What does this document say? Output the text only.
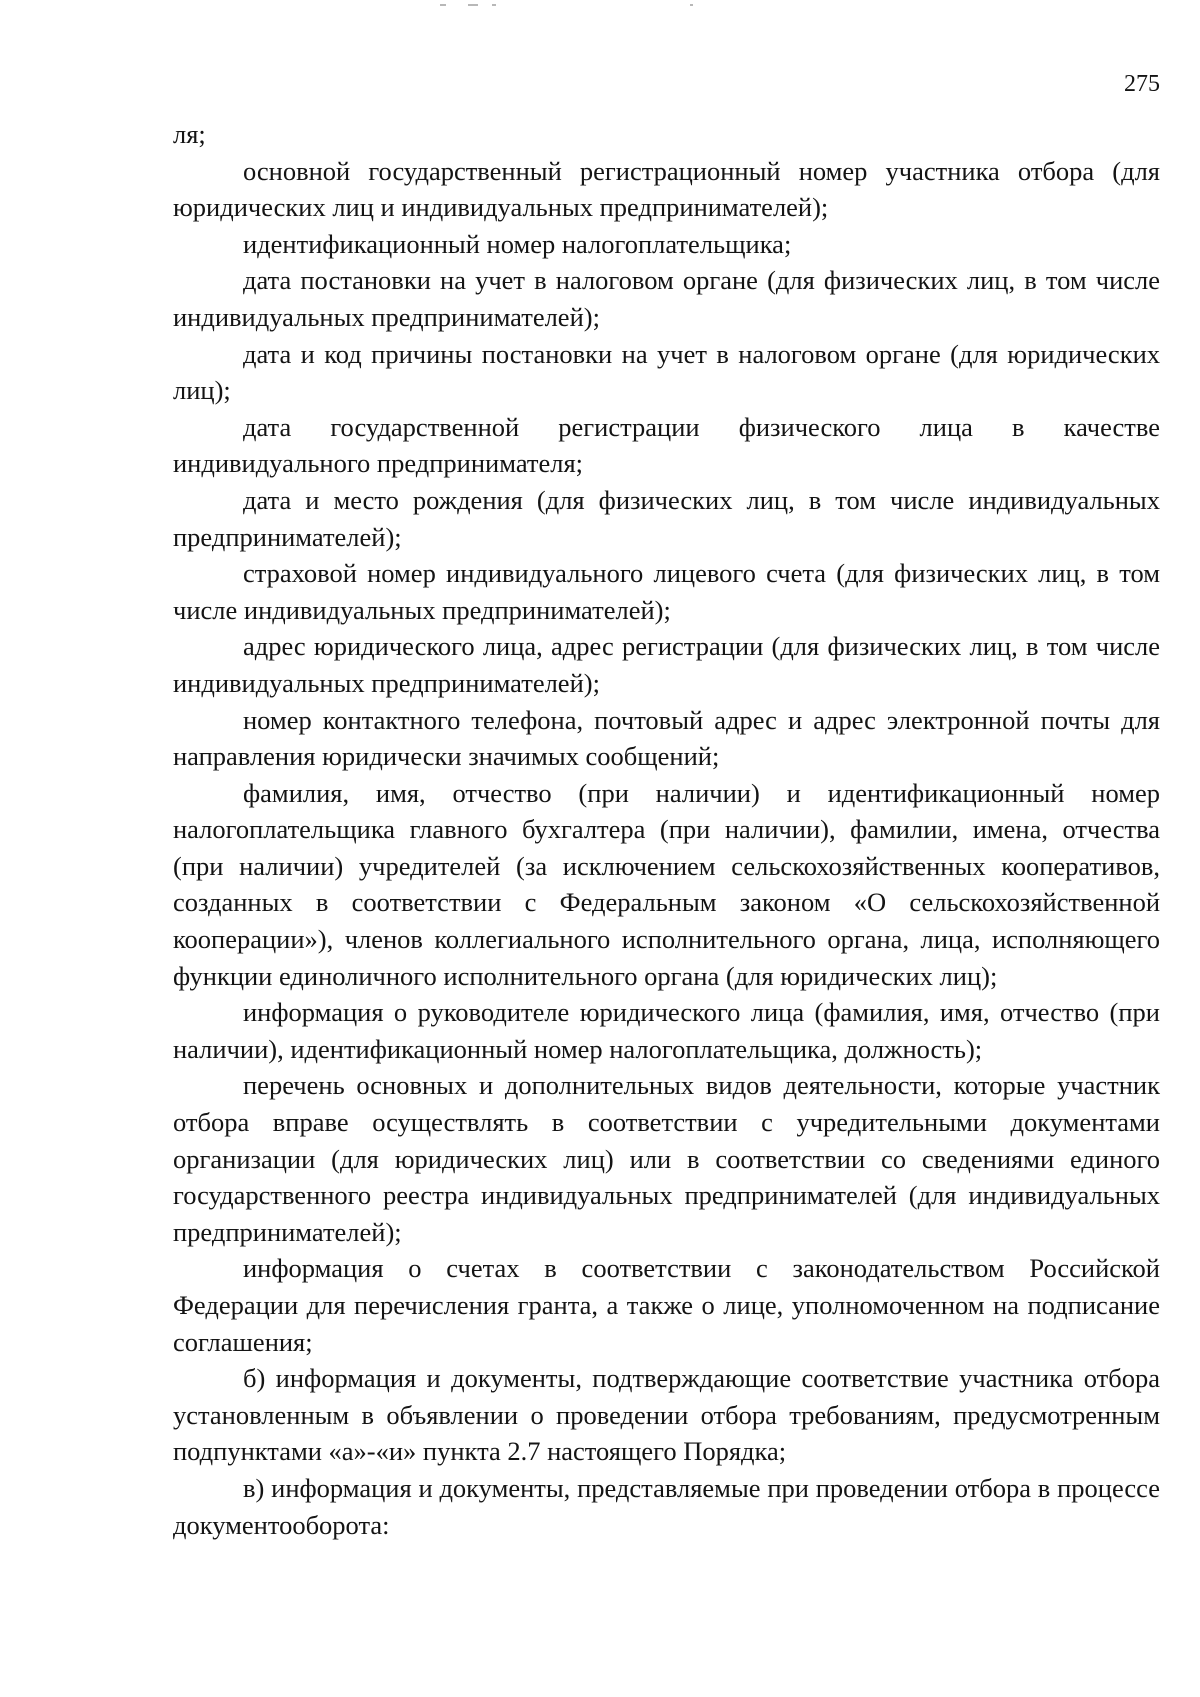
275

ля;

основной государственный регистрационный номер участника отбора (для юридических лиц и индивидуальных предпринимателей);

идентификационный номер налогоплательщика;

дата постановки на учет в налоговом органе (для физических лиц, в том числе индивидуальных предпринимателей);

дата и код причины постановки на учет в налоговом органе (для юридических лиц);

дата государственной регистрации физического лица в качестве индивидуального предпринимателя;

дата и место рождения (для физических лиц, в том числе индивидуальных предпринимателей);

страховой номер индивидуального лицевого счета (для физических лиц, в том числе индивидуальных предпринимателей);

адрес юридического лица, адрес регистрации (для физических лиц, в том числе индивидуальных предпринимателей);

номер контактного телефона, почтовый адрес и адрес электронной почты для направления юридически значимых сообщений;

фамилия, имя, отчество (при наличии) и идентификационный номер налогоплательщика главного бухгалтера (при наличии), фамилии, имена, отчества (при наличии) учредителей (за исключением сельскохозяйственных кооперативов, созданных в соответствии с Федеральным законом «О сельскохозяйственной кооперации»), членов коллегиального исполнительного органа, лица, исполняющего функции единоличного исполнительного органа (для юридических лиц);

информация о руководителе юридического лица (фамилия, имя, отчество (при наличии), идентификационный номер налогоплательщика, должность);

перечень основных и дополнительных видов деятельности, которые участник отбора вправе осуществлять в соответствии с учредительными документами организации (для юридических лиц) или в соответствии со сведениями единого государственного реестра индивидуальных предпринимателей (для индивидуальных предпринимателей);

информация о счетах в соответствии с законодательством Российской Федерации для перечисления гранта, а также о лице, уполномоченном на подписание соглашения;

б) информация и документы, подтверждающие соответствие участника отбора установленным в объявлении о проведении отбора требованиям, предусмотренным подпунктами «а»-«и» пункта 2.7 настоящего Порядка;

в) информация и документы, представляемые при проведении отбора в процессе документооборота:
